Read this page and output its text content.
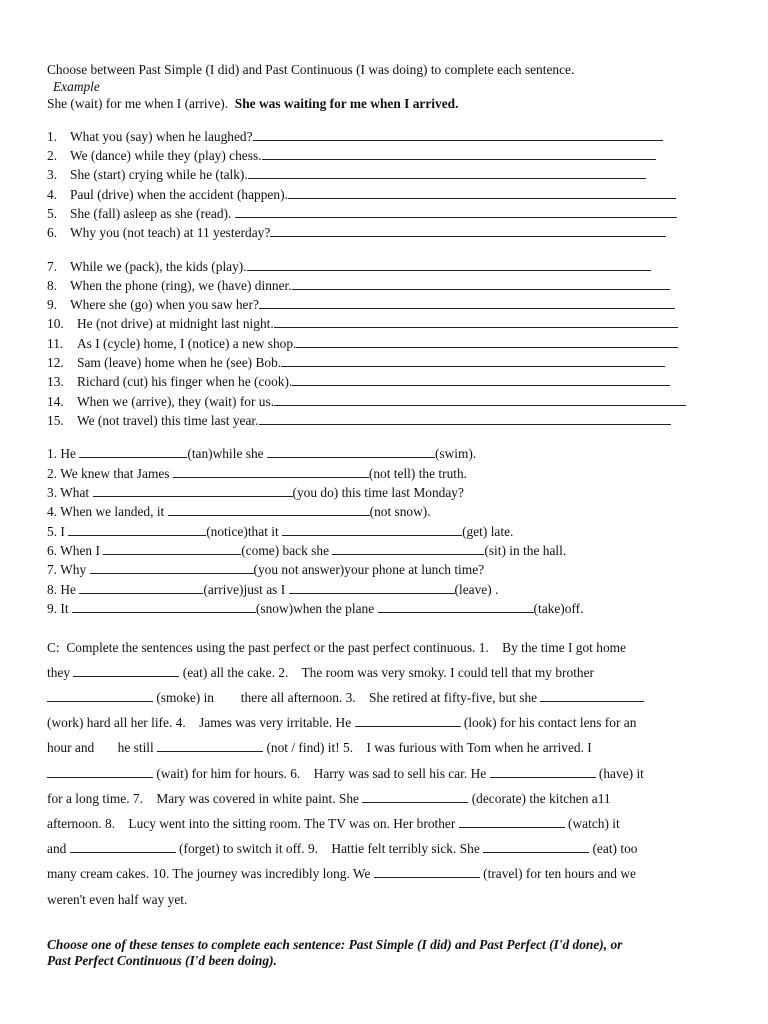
Choose between Past Simple (I did) and Past Continuous (I was doing) to complete each sentence.
Example
She (wait) for me when I (arrive). She was waiting for me when I arrived.
1. What you (say) when he laughed?
2. We (dance) while they (play) chess.
3. She (start) crying while he (talk).
4. Paul (drive) when the accident (happen).
5. She (fall) asleep as she (read).
6. Why you (not teach) at 11 yesterday?
7. While we (pack), the kids (play).
8. When the phone (ring), we (have) dinner.
9. Where she (go) when you saw her?
10. He (not drive) at midnight last night.
11. As I (cycle) home, I (notice) a new shop.
12. Sam (leave) home when he (see) Bob.
13. Richard (cut) his finger when he (cook).
14. When we (arrive), they (wait) for us.
15. We (not travel) this time last year.
1. He	(tan)while she	(swim).
2. We knew that James	(not tell) the truth.
3. What	(you do) this time last Monday?
4. When we landed, it	(not snow).
5. I	(notice)that it	(get) late.
6. When I	(come) back she	(sit) in the hall.
7. Why	(you not answer)your phone at lunch time?
8. He	(arrive)just as I	(leave) .
9. It	(snow)when the plane	(take)off.
C:  Complete the sentences using the past perfect or the past perfect continuous. 1.    By the time I got home
they	(eat) all the cake. 2.    The room was very smoky. I could tell that my brother
(smoke) in        there all afternoon. 3.    She retired at fifty-five, but she
(work) hard all her life. 4.    James was very irritable. He	(look) for his contact lens for an
hour and       he still	(not / find) it! 5.    I was furious with Tom when he arrived. I
(wait) for him for hours. 6.    Harry was sad to sell his car. He	(have) it
for a long time. 7.    Mary was covered in white paint. She	(decorate) the kitchen a11
afternoon. 8.    Lucy went into the sitting room. The TV was on. Her brother	(watch) it
and	(forget) to switch it off. 9.    Hattie felt terribly sick. She	(eat) too
many cream cakes. 10. The journey was incredibly long. We	(travel) for ten hours and we
weren't even half way yet.
Choose one of these tenses to complete each sentence: Past Simple (I did) and Past Perfect (I'd done), or
Past Perfect Continuous (I'd been doing).
